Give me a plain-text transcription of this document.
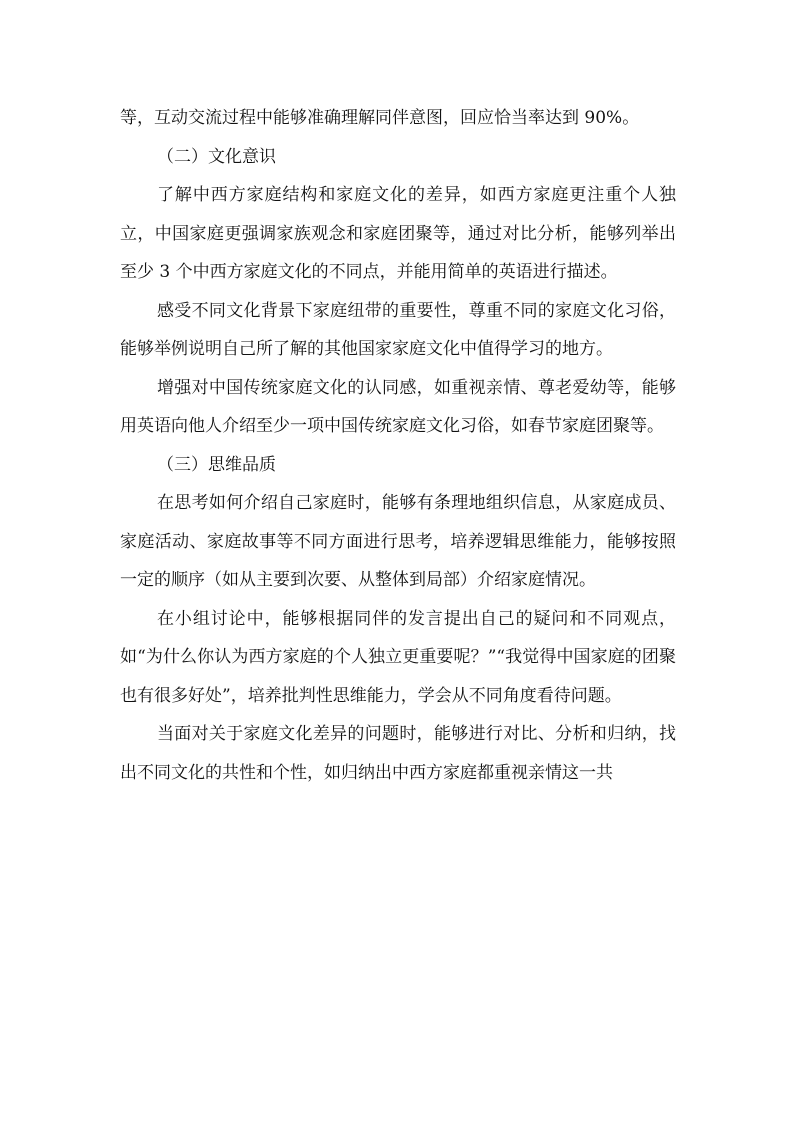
等，互动交流过程中能够准确理解同伴意图，回应恰当率达到 90%。

（二）文化意识

了解中西方家庭结构和家庭文化的差异，如西方家庭更注重个人独立，中国家庭更强调家族观念和家庭团聚等，通过对比分析，能够列举出至少 3 个中西方家庭文化的不同点，并能用简单的英语进行描述。

感受不同文化背景下家庭纽带的重要性，尊重不同的家庭文化习俗，能够举例说明自己所了解的其他国家家庭文化中值得学习的地方。

增强对中国传统家庭文化的认同感，如重视亲情、尊老爱幼等，能够用英语向他人介绍至少一项中国传统家庭文化习俗，如春节家庭团聚等。

（三）思维品质

在思考如何介绍自己家庭时，能够有条理地组织信息，从家庭成员、家庭活动、家庭故事等不同方面进行思考，培养逻辑思维能力，能够按照一定的顺序（如从主要到次要、从整体到局部）介绍家庭情况。

在小组讨论中，能够根据同伴的发言提出自己的疑问和不同观点，如“为什么你认为西方家庭的个人独立更重要呢？”“我觉得中国家庭的团聚也有很多好处”，培养批判性思维能力，学会从不同角度看待问题。

当面对关于家庭文化差异的问题时，能够进行对比、分析和归纳，找出不同文化的共性和个性，如归纳出中西方家庭都重视亲情这一共
